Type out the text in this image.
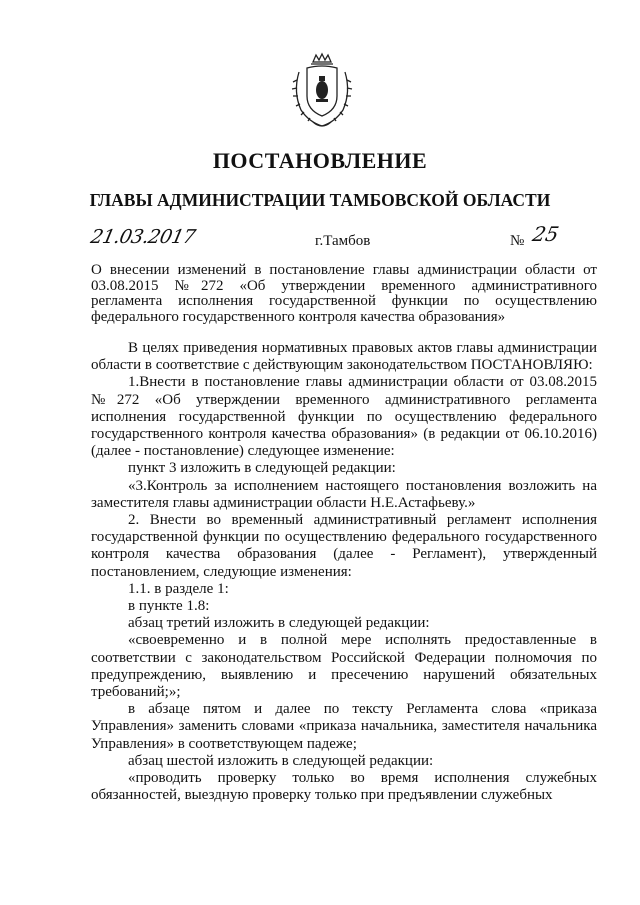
ПОСТАНОВЛЕНИЕ
ГЛАВЫ АДМИНИСТРАЦИИ ТАМБОВСКОЙ ОБЛАСТИ
21.03.2017	г.Тамбов	№ 25
О внесении изменений в постановление главы администрации области от 03.08.2015 №272 «Об утверждении временного административного регламента исполнения государственной функции по осуществлению федерального государственного контроля качества образования»

В целях приведения нормативных правовых актов главы администрации области в соответствие с действующим законодательством ПОСТАНОВЛЯЮ:

1.Внести в постановление главы администрации области от 03.08.2015 №272 «Об утверждении временного административного регламента исполнения государственной функции по осуществлению федерального государственного контроля качества образования» (в редакции от 06.10.2016) (далее - постановление) следующее изменение:

пункт 3 изложить в следующей редакции:

«3.Контроль за исполнением настоящего постановления возложить на заместителя главы администрации области Н.Е.Астафьеву.»

2. Внести во временный административный регламент исполнения государственной функции по осуществлению федерального государственного контроля качества образования (далее - Регламент), утвержденный постановлением, следующие изменения:

1.1. в разделе 1:

в пункте 1.8:

абзац третий изложить в следующей редакции:

«своевременно и в полной мере исполнять предоставленные в соответствии с законодательством Российской Федерации полномочия по предупреждению, выявлению и пресечению нарушений обязательных требований;»;

в абзаце пятом и далее по тексту Регламента слова «приказа Управления» заменить словами «приказа начальника, заместителя начальника Управления» в соответствующем падеже;

абзац шестой изложить в следующей редакции:

«проводить проверку только во время исполнения служебных обязанностей, выездную проверку только при предъявлении служебных
